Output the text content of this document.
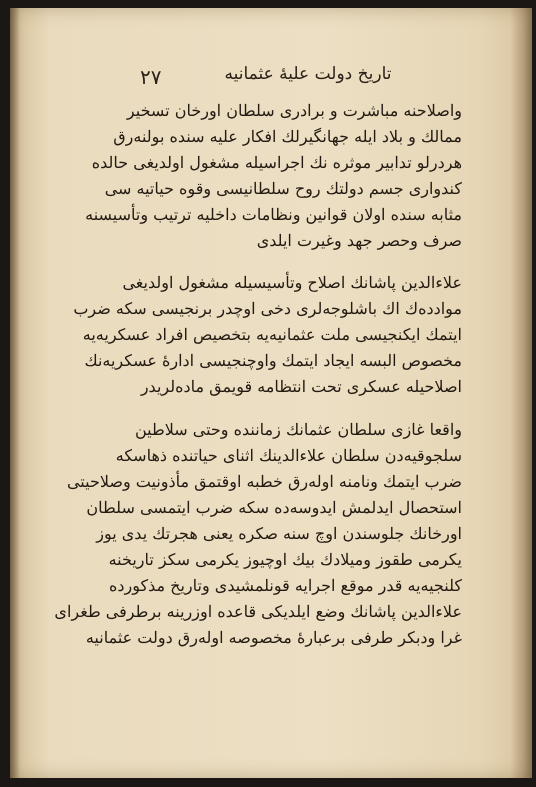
٢٧	تاريخ دولت عليهٔ عثمانيه
واصلاحنه مباشرت و برادرى سلطان اورخان تسخير
ممالك و بلاد ايله جهانگيرلك افكار عليه سنده بولنه‌رق
هردرلو تدابير موثره نك اجراسيله مشغول اولديغى حالده
كندوارى جسم دولتك روح سلطانيسى وقوه حياتيه سى
مثابه سنده اولان قوانين ونظامات داخليه ترتيب وتأسيسنه
صرف وحصر جهد وغيرت ايلدى
علاءالدين پاشانك اصلاح وتأسيسيله مشغول اولديغى
موادده‌ك اك باشلوجه‌لرى دخى اوچدر برنجيسى سكه ضرب
ايتمك ايكنجيسى ملت عثمانيه‌يه بتخصيص افراد عسكريه‌يه
مخصوص البسه ايجاد ايتمك واوچنجيسى ادارهٔ عسكريه‌نك
اصلاحيله عسكرى تحت انتظامه قويمق ماده‌لريدر
واقعا غازى سلطان عثمانك زماننده وحتى سلاطين
سلجوقيه‌دن سلطان علاءالدينك اثناى حياتنده ذهاسكه
ضرب ايتمك ونامنه اوله‌رق خطبه اوقتمق مأذونيت وصلاحيتى
استحصال ايدلمش ايدوسه‌ده سكه ضرب ايتمسى سلطان
اورخانك جلوسندن اوچ سنه صكره يعنى هجرتك يدى يوز
يكرمى طقوز وميلادك بيك اوچيوز يكرمى سكز تاريخنه
كلنجيه‌يه قدر موقع اجرايه قونلمشيدى وتاريخ مذكورده
علاءالدين پاشانك وضع ايلديكى قاعده اوزرينه برطرفى طغراى
غرا ودبكر طرفى برعبارهٔ مخصوصه اوله‌رق دولت عثمانيه
